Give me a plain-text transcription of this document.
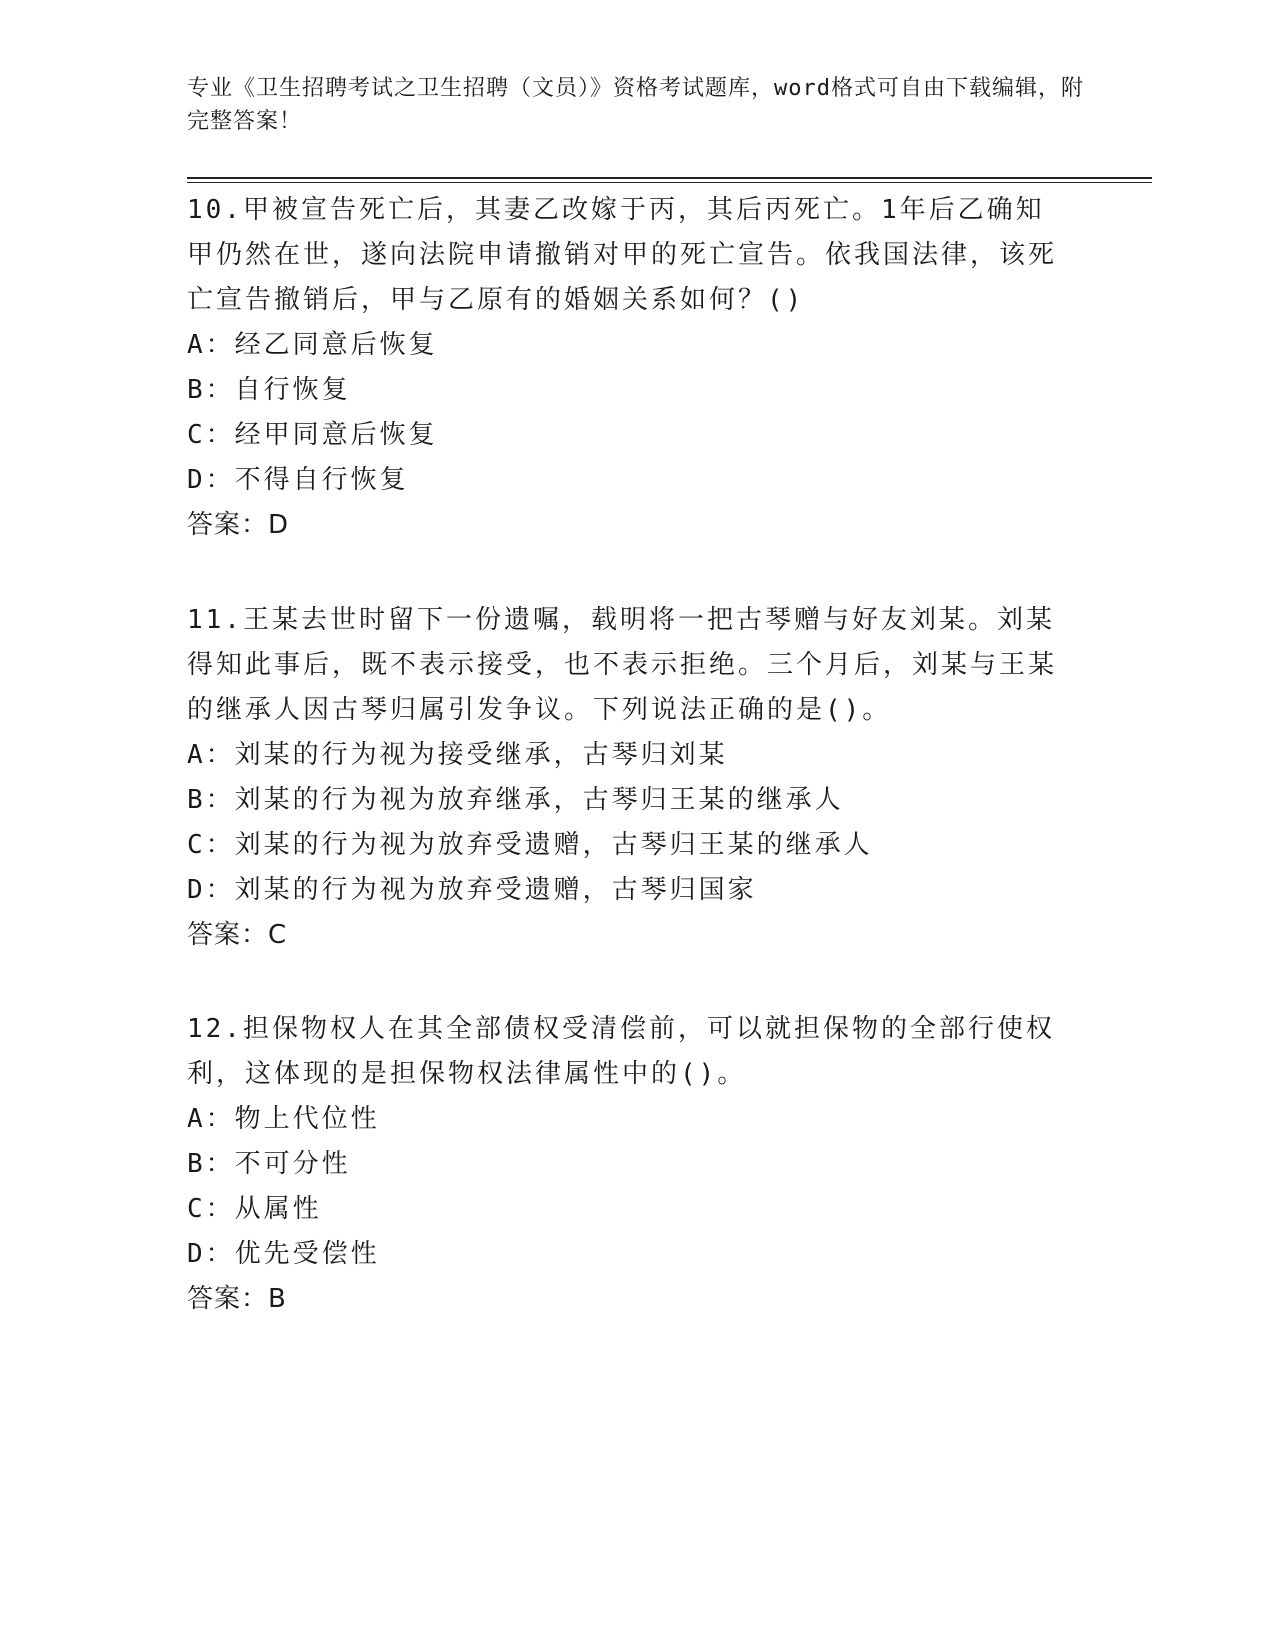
专业《卫生招聘考试之卫生招聘（文员）》资格考试题库，word格式可自由下载编辑，附完整答案！
10.甲被宣告死亡后，其妻乙改嫁于丙，其后丙死亡。1年后乙确知甲仍然在世，遂向法院申请撤销对甲的死亡宣告。依我国法律，该死亡宣告撤销后，甲与乙原有的婚姻关系如何？()
A：经乙同意后恢复
B：自行恢复
C：经甲同意后恢复
D：不得自行恢复
答案：D
11.王某去世时留下一份遗嘱，载明将一把古琴赠与好友刘某。刘某得知此事后，既不表示接受，也不表示拒绝。三个月后，刘某与王某的继承人因古琴归属引发争议。下列说法正确的是()。
A：刘某的行为视为接受继承，古琴归刘某
B：刘某的行为视为放弃继承，古琴归王某的继承人
C：刘某的行为视为放弃受遗赠，古琴归王某的继承人
D：刘某的行为视为放弃受遗赠，古琴归国家
答案：C
12.担保物权人在其全部债权受清偿前，可以就担保物的全部行使权利，这体现的是担保物权法律属性中的()。
A：物上代位性
B：不可分性
C：从属性
D：优先受偿性
答案：B
